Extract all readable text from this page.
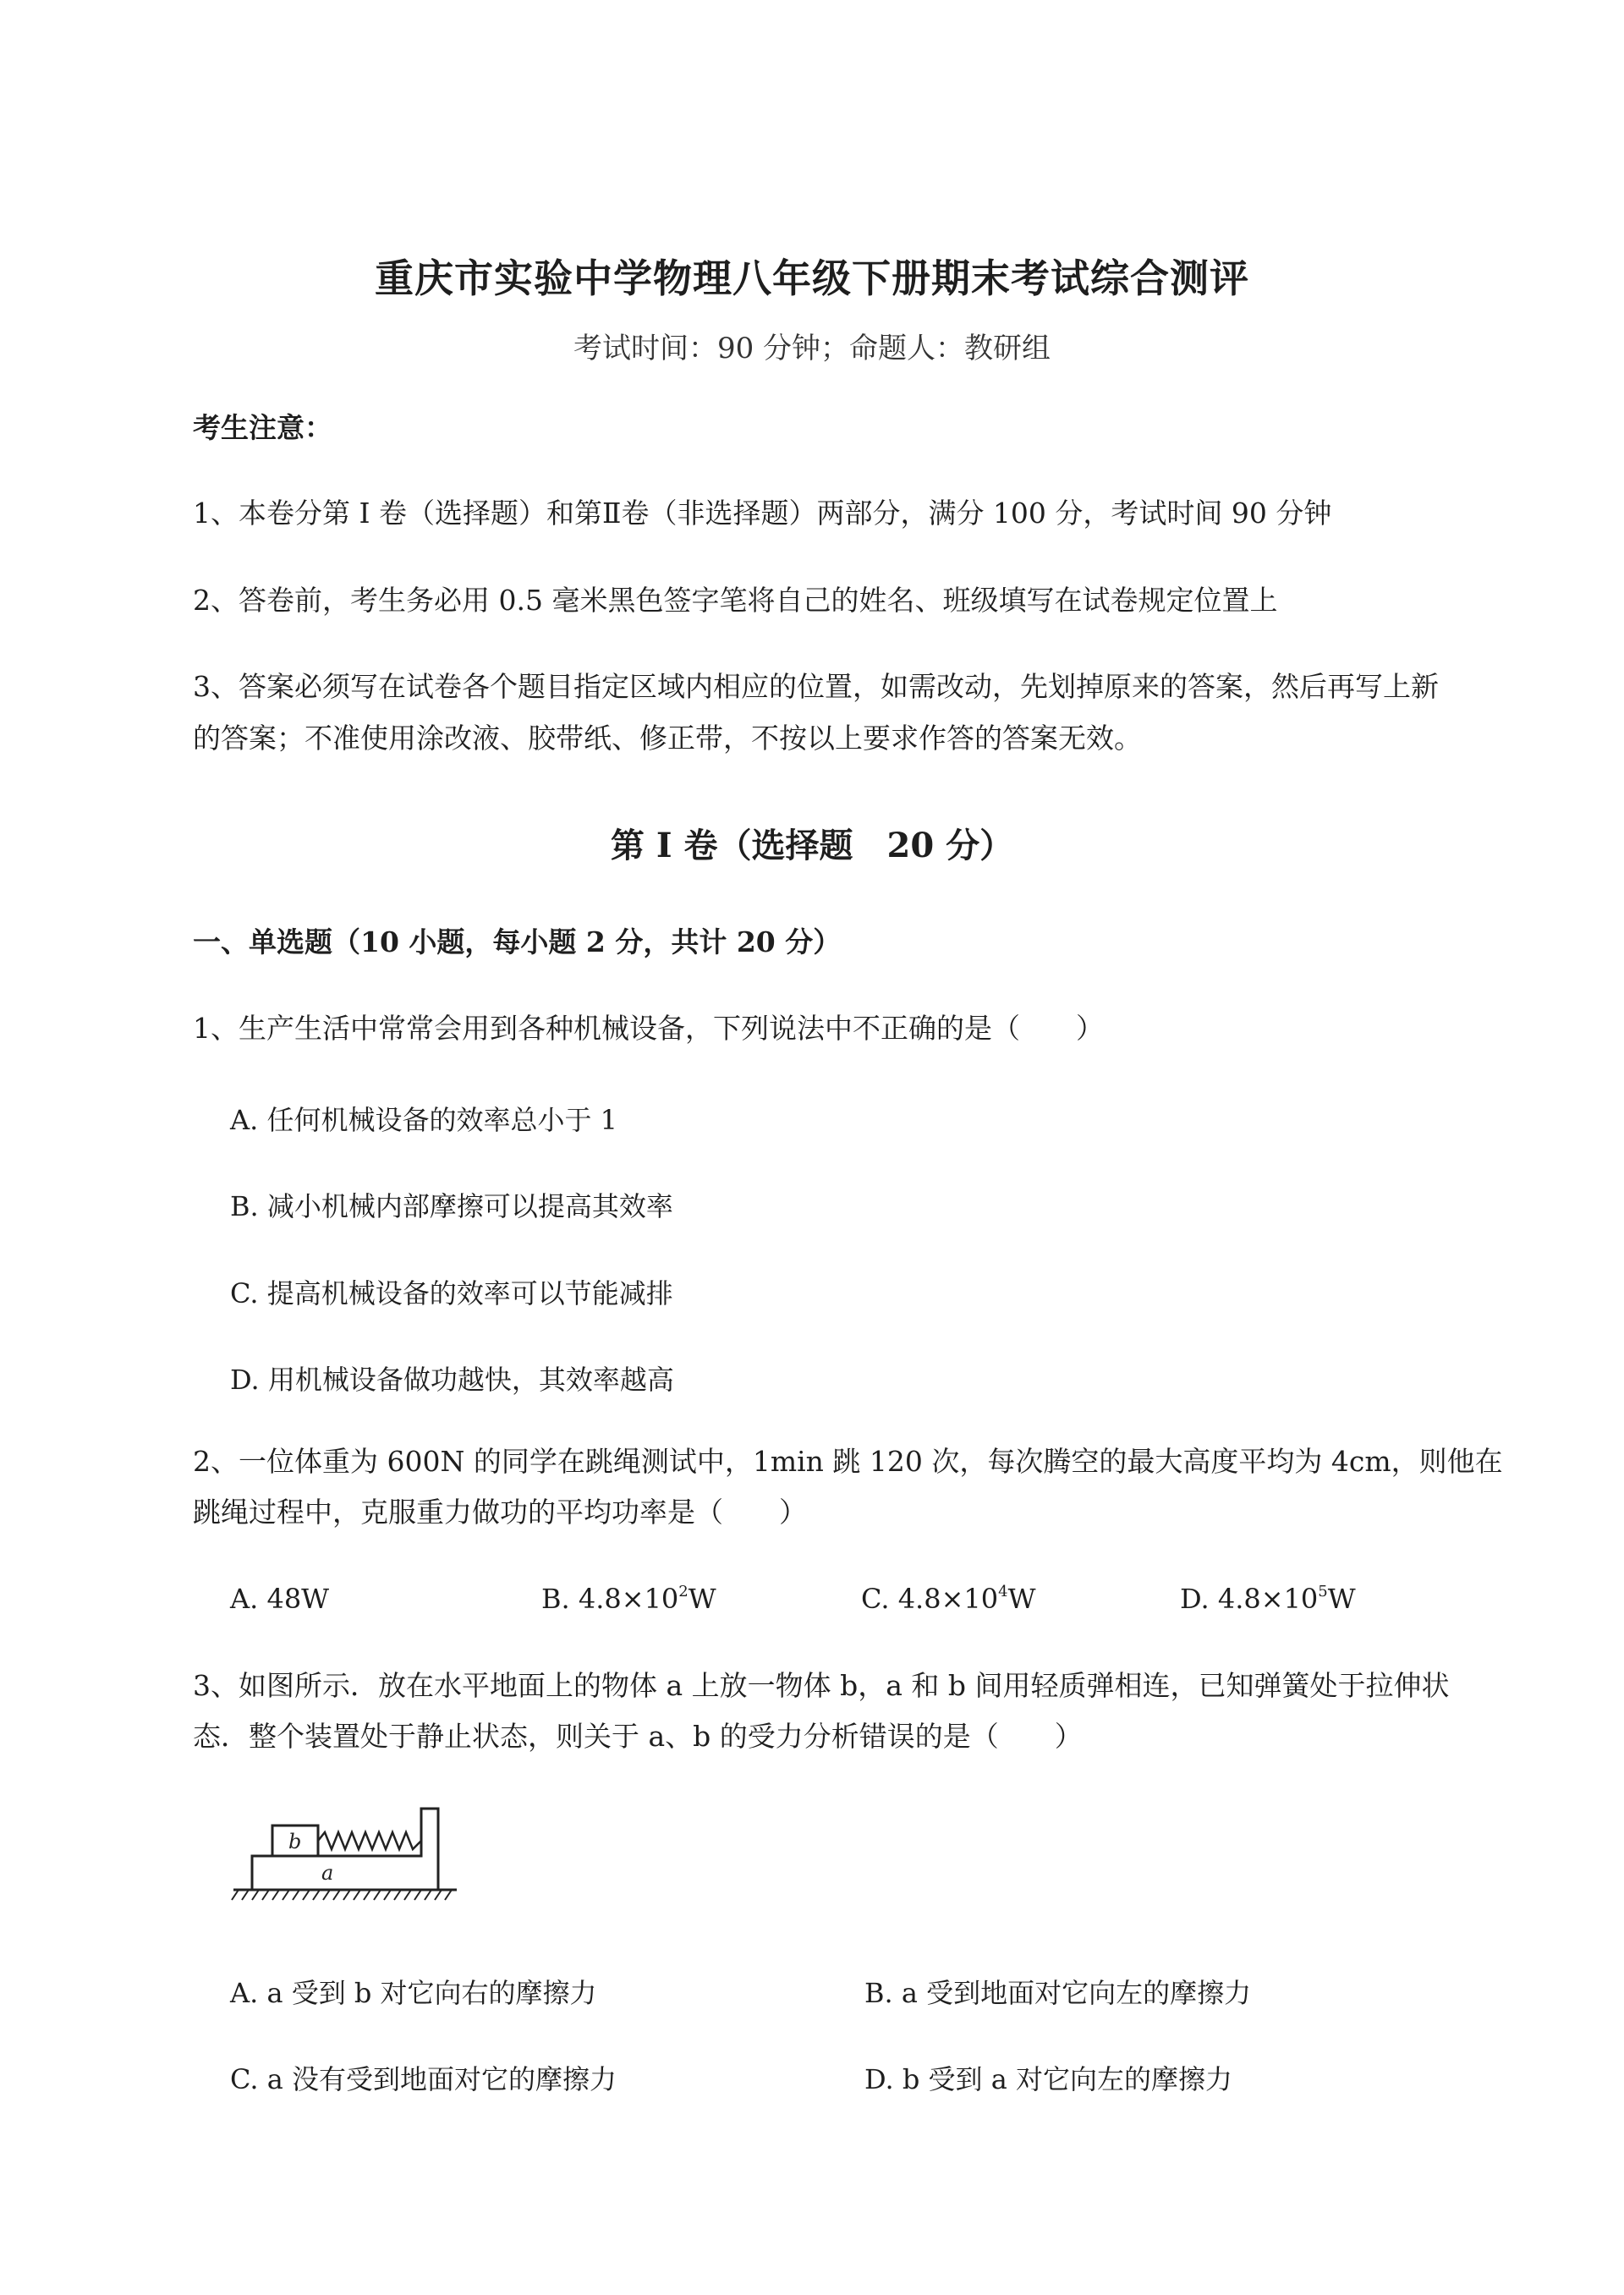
重庆市实验中学物理八年级下册期末考试综合测评
考试时间：90 分钟；命题人：教研组
考生注意：
1、本卷分第 I 卷（选择题）和第Ⅱ卷（非选择题）两部分，满分 100 分，考试时间 90 分钟
2、答卷前，考生务必用 0.5 毫米黑色签字笔将自己的姓名、班级填写在试卷规定位置上
3、答案必须写在试卷各个题目指定区域内相应的位置，如需改动，先划掉原来的答案，然后再写上新
的答案；不准使用涂改液、胶带纸、修正带，不按以上要求作答的答案无效。
第 I 卷（选择题　20 分）
一、单选题（10 小题，每小题 2 分，共计 20 分）
1、生产生活中常常会用到各种机械设备，下列说法中不正确的是（　　）
A. 任何机械设备的效率总小于 1
B. 减小机械内部摩擦可以提高其效率
C. 提高机械设备的效率可以节能减排
D. 用机械设备做功越快，其效率越高
2、一位体重为 600N 的同学在跳绳测试中，1min 跳 120 次，每次腾空的最大高度平均为 4cm，则他在
跳绳过程中，克服重力做功的平均功率是（　　）
A. 48W	B. $4.8\times 10^2W$	C. $4.8\times 10^4W$	D. $4.8\times 10^5W$
3、如图所示．放在水平地面上的物体 a 上放一物体 b，a 和 b 间用轻质弹相连，已知弹簧处于拉伸状
态．整个装置处于静止状态，则关于 a、b 的受力分析错误的是（　　）
b
a
A. a 受到 b 对它向右的摩擦力	B. a 受到地面对它向左的摩擦力
C. a 没有受到地面对它的摩擦力	D. b 受到 a 对它向左的摩擦力
